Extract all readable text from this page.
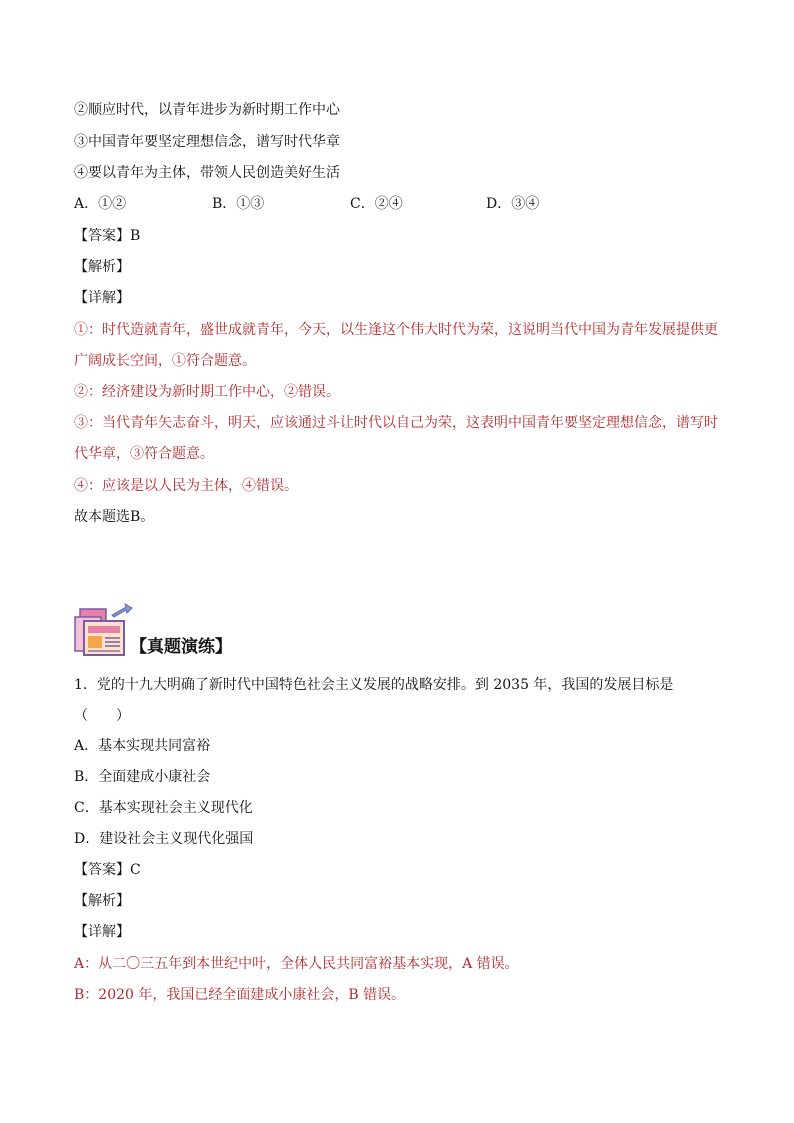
②顺应时代，以青年进步为新时期工作中心
③中国青年要坚定理想信念，谱写时代华章
④要以青年为主体，带领人民创造美好生活
A．①②	B．①③	C．②④	D．③④
【答案】B
【解析】
【详解】
①：时代造就青年，盛世成就青年，今天，以生逢这个伟大时代为荣，这说明当代中国为青年发展提供更
广阔成长空间，①符合题意。
②：经济建设为新时期工作中心，②错误。
③：当代青年矢志奋斗，明天，应该通过斗让时代以自己为荣，这表明中国青年要坚定理想信念，谱写时
代华章，③符合题意。
④：应该是以人民为主体，④错误。
故本题选B。
【真题演练】
1．党的十九大明确了新时代中国特色社会主义发展的战略安排。到 2035 年，我国的发展目标是
（　　）
A．基本实现共同富裕
B．全面建成小康社会
C．基本实现社会主义现代化
D．建设社会主义现代化强国
【答案】C
【解析】
【详解】
A：从二〇三五年到本世纪中叶，全体人民共同富裕基本实现，A 错误。
B：2020 年，我国已经全面建成小康社会，B 错误。
